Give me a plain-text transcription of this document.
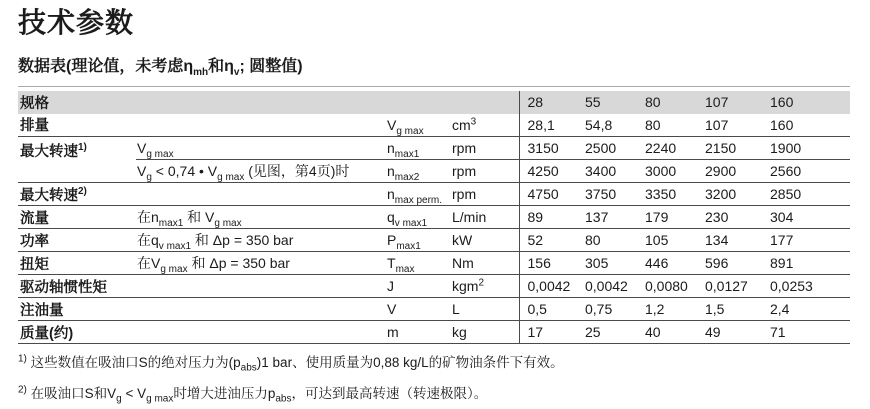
技术参数
数据表(理论值，未考虑$\eta_{mh}$和$\eta_v$; 圆整值)
规格				28	55	80	107	160
排量		$V_{g max}$	$cm^3$	28,1	54,8	80	107	160
最大转速$^{1)}$	$V_{g max}$	$n_{max1}$	rpm	3150	2500	2240	2150	1900
	$V_g < 0,74$ • $V_{g max}$ (见图，第4页)时	$n_{max2}$	rpm	4250	3400	3000	2900	2560
最大转速$^{2)}$		$n_{max perm.}$	rpm	4750	3750	3350	3200	2850
流量	在$n_{max1}$ 和 $V_{g max}$	$q_{v max1}$	L/min	89	137	179	230	304
功率	在$q_{v max1}$ 和 Δp = 350 bar	$P_{max1}$	kW	52	80	105	134	177
扭矩	在$V_{g max}$ 和 Δp = 350 bar	$T_{max}$	Nm	156	305	446	596	891
驱动轴惯性矩		J	kgm$^2$	0,0042	0,0042	0,0080	0,0127	0,0253
注油量		V	L	0,5	0,75	1,2	1,5	2,4
质量(约)		m	kg	17	25	40	49	71
$^{1)}$ 这些数值在吸油口S的绝对压力为$(p_{abs})1$ bar、使用质量为0,88 kg/L的矿物油条件下有效。
$^{2)}$ 在吸油口S和$V_g < V_{g max}$时增大进油压力$p_{abs}$，可达到最高转速（转速极限）。
